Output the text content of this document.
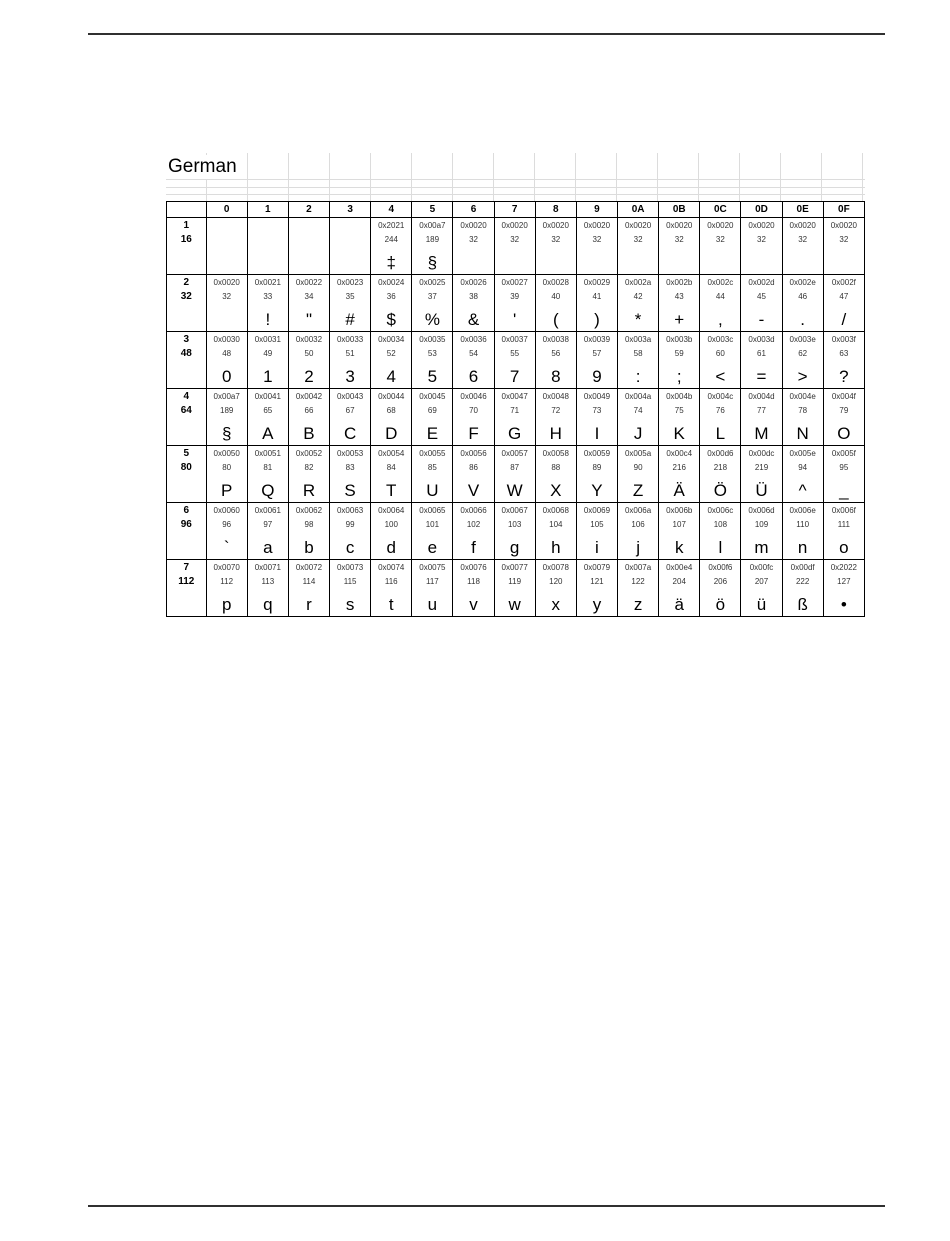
German
	0	1	2	3	4	5	6	7	8	9	0A	0B	0C	0D	0E	0F
1					0x2021	0x00a7	0x0020	0x0020	0x0020	0x0020	0x0020	0x0020	0x0020	0x0020	0x0020	0x0020
16					244	189	32	32	32	32	32	32	32	32	32	32
					‡	§										
2	0x0020	0x0021	0x0022	0x0023	0x0024	0x0025	0x0026	0x0027	0x0028	0x0029	0x002a	0x002b	0x002c	0x002d	0x002e	0x002f
32	32	33	34	35	36	37	38	39	40	41	42	43	44	45	46	47
		!	"	#	$	%	&	'	(	)	*	+	,	-	.	/
3	0x0030	0x0031	0x0032	0x0033	0x0034	0x0035	0x0036	0x0037	0x0038	0x0039	0x003a	0x003b	0x003c	0x003d	0x003e	0x003f
48	48	49	50	51	52	53	54	55	56	57	58	59	60	61	62	63
	0	1	2	3	4	5	6	7	8	9	:	;	<	=	>	?
4	0x00a7	0x0041	0x0042	0x0043	0x0044	0x0045	0x0046	0x0047	0x0048	0x0049	0x004a	0x004b	0x004c	0x004d	0x004e	0x004f
64	189	65	66	67	68	69	70	71	72	73	74	75	76	77	78	79
	§	A	B	C	D	E	F	G	H	I	J	K	L	M	N	O
5	0x0050	0x0051	0x0052	0x0053	0x0054	0x0055	0x0056	0x0057	0x0058	0x0059	0x005a	0x00c4	0x00d6	0x00dc	0x005e	0x005f
80	80	81	82	83	84	85	86	87	88	89	90	216	218	219	94	95
	P	Q	R	S	T	U	V	W	X	Y	Z	Ä	Ö	Ü	^	_
6	0x0060	0x0061	0x0062	0x0063	0x0064	0x0065	0x0066	0x0067	0x0068	0x0069	0x006a	0x006b	0x006c	0x006d	0x006e	0x006f
96	96	97	98	99	100	101	102	103	104	105	106	107	108	109	110	111
	`	a	b	c	d	e	f	g	h	i	j	k	l	m	n	o
7	0x0070	0x0071	0x0072	0x0073	0x0074	0x0075	0x0076	0x0077	0x0078	0x0079	0x007a	0x00e4	0x00f6	0x00fc	0x00df	0x2022
112	112	113	114	115	116	117	118	119	120	121	122	204	206	207	222	127
	p	q	r	s	t	u	v	w	x	y	z	ä	ö	ü	ß	•
